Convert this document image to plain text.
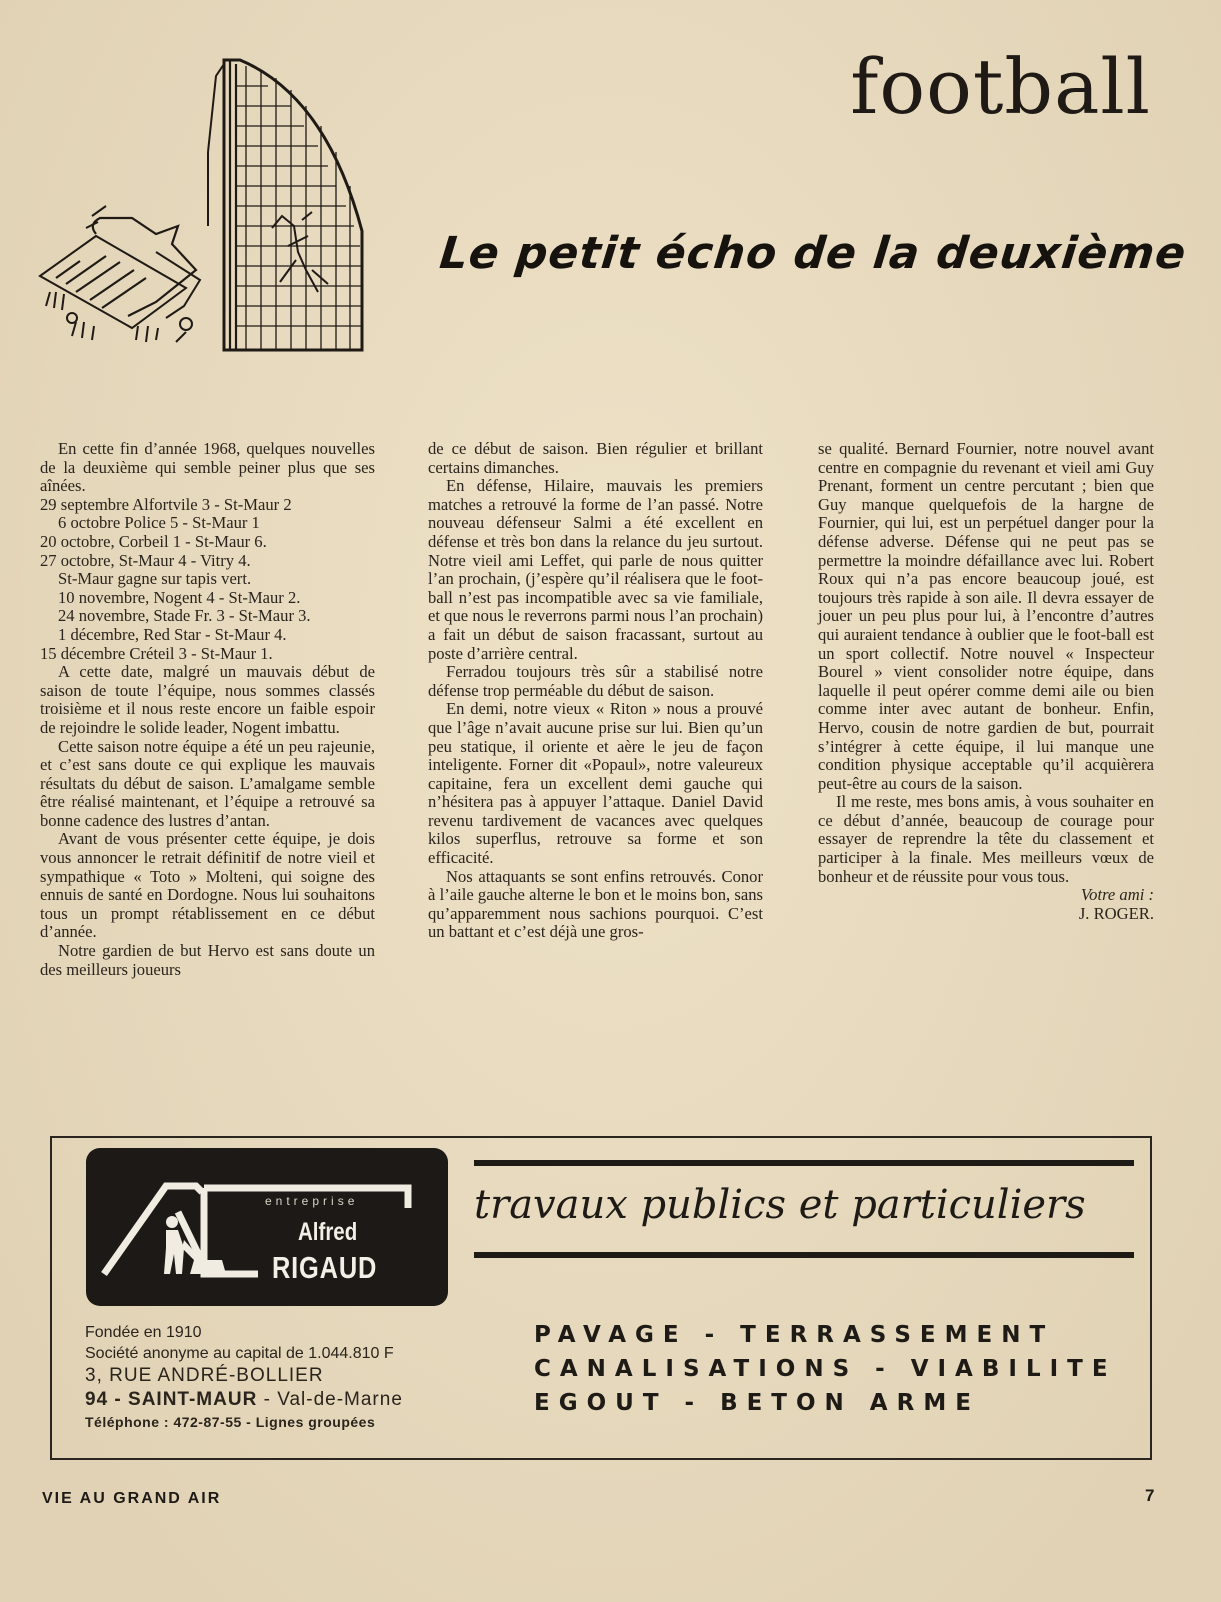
football
Le petit écho de la deuxième

En cette fin d’année 1968, quelques nouvelles de la deuxième qui semble peiner plus que ses aînées.

29 septembre Alfortvile 3 - St-Maur 2

6 octobre Police 5 - St-Maur 1

20 octobre, Corbeil 1 - St-Maur 6.

27 octobre, St-Maur 4 - Vitry 4.

St-Maur gagne sur tapis vert.

10 novembre, Nogent 4 - St-Maur 2.

24 novembre, Stade Fr. 3 - St-Maur 3.

1 décembre, Red Star - St-Maur 4.

15 décembre Créteil 3 - St-Maur 1.

A cette date, malgré un mauvais début de saison de toute l’équipe, nous sommes classés troisième et il nous reste encore un faible espoir de rejoindre le solide leader, Nogent imbattu.

Cette saison notre équipe a été un peu rajeunie, et c’est sans doute ce qui explique les mauvais résultats du début de saison. L’amalgame semble être réalisé maintenant, et l’équipe a retrouvé sa bonne cadence des lustres d’antan.

Avant de vous présenter cette équipe, je dois vous annoncer le retrait définitif de notre vieil et sympathique « Toto » Molteni, qui soigne des ennuis de santé en Dordogne. Nous lui souhaitons tous un prompt rétablissement en ce début d’année.

Notre gardien de but Hervo est sans doute un des meilleurs joueurs

de ce début de saison. Bien régulier et brillant certains dimanches.

En défense, Hilaire, mauvais les premiers matches a retrouvé la forme de l’an passé. Notre nouveau défenseur Salmi a été excellent en défense et très bon dans la relance du jeu surtout. Notre vieil ami Leffet, qui parle de nous quitter l’an prochain, (j’espère qu’il réalisera que le foot-ball n’est pas incompatible avec sa vie familiale, et que nous le reverrons parmi nous l’an prochain) a fait un début de saison fracassant, surtout au poste d’arrière central.

Ferradou toujours très sûr a stabilisé notre défense trop perméable du début de saison.

En demi, notre vieux « Riton » nous a prouvé que l’âge n’avait aucune prise sur lui. Bien qu’un peu statique, il oriente et aère le jeu de façon inteligente. Forner dit «Popaul», notre valeureux capitaine, fera un excellent demi gauche qui n’hésitera pas à appuyer l’attaque. Daniel David revenu tardivement de vacances avec quelques kilos superflus, retrouve sa forme et son efficacité.

Nos attaquants se sont enfins retrouvés. Conor à l’aile gauche alterne le bon et le moins bon, sans qu’apparemment nous sachions pourquoi. C’est un battant et c’est déjà une gros-

se qualité. Bernard Fournier, notre nouvel avant centre en compagnie du revenant et vieil ami Guy Prenant, forment un centre percutant ; bien que Guy manque quelquefois de la hargne de Fournier, qui lui, est un perpétuel danger pour la défense adverse. Défense qui ne peut pas se permettre la moindre défaillance avec lui. Robert Roux qui n’a pas encore beaucoup joué, est toujours très rapide à son aile. Il devra essayer de jouer un peu plus pour lui, à l’encontre d’autres qui auraient tendance à oublier que le foot-ball est un sport collectif. Notre nouvel « Inspecteur Bourel » vient consolider notre équipe, dans laquelle il peut opérer comme demi aile ou bien comme inter avec autant de bonheur. Enfin, Hervo, cousin de notre gardien de but, pourrait s’intégrer à cette équipe, il lui manque une condition physique acceptable qu’il acquièrera peut-être au cours de la saison.

Il me reste, mes bons amis, à vous souhaiter en ce début d’année, beaucoup de courage pour essayer de reprendre la tête du classement et participer à la finale. Mes meilleurs vœux de bonheur et de réussite pour vous tous.

Votre ami :

J. ROGER.

entreprise
Alfred
RIGAUD
travaux publics et particuliers
Fondée en 1910
Société anonyme au capital de 1.044.810 F
3, RUE ANDRÉ-BOLLIER
94 - SAINT-MAUR - Val-de-Marne
Téléphone : 472-87-55 - Lignes groupées
PAVAGE - TERRASSEMENT
CANALISATIONS - VIABILITE
EGOUT - BETON ARME
VIE AU GRAND AIR	7
